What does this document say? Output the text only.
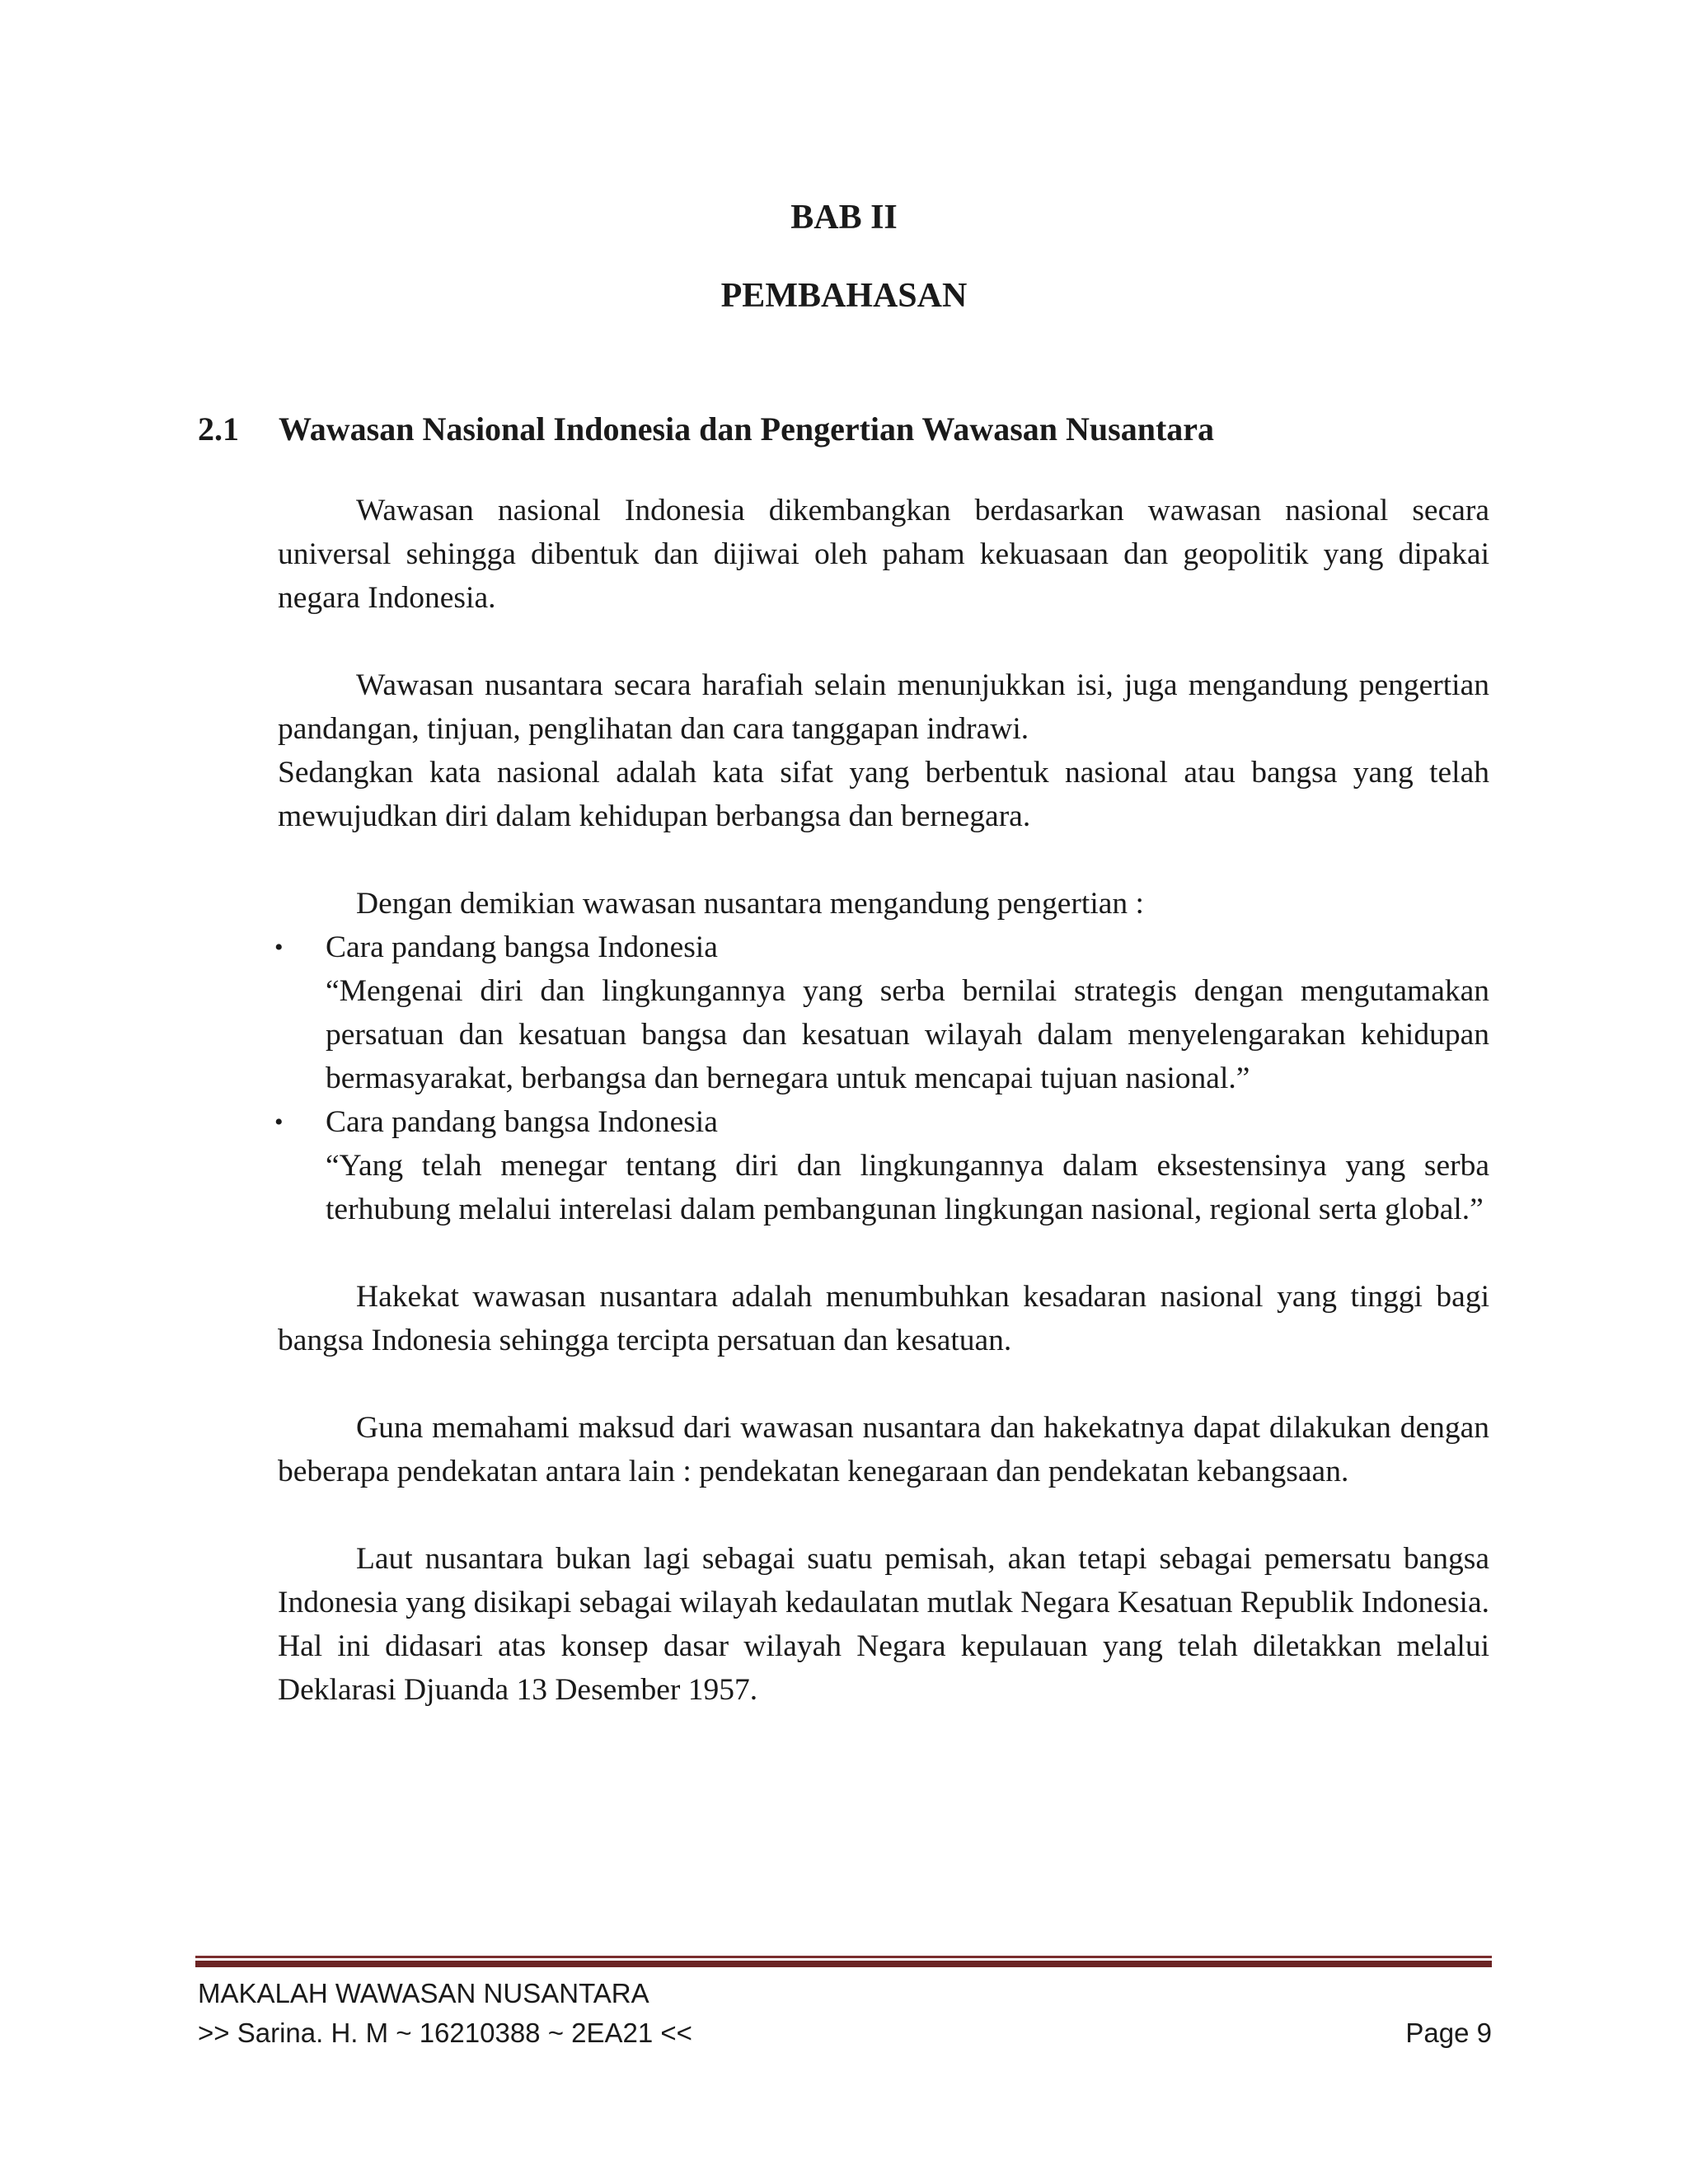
BAB II
PEMBAHASAN
2.1 Wawasan Nasional Indonesia dan Pengertian Wawasan Nusantara

Wawasan nasional Indonesia dikembangkan berdasarkan wawasan nasional secara universal sehingga dibentuk dan dijiwai oleh paham kekuasaan dan geopolitik yang dipakai negara Indonesia.

Wawasan nusantara secara harafiah selain menunjukkan isi, juga mengandung pengertian pandangan, tinjuan, penglihatan dan cara tanggapan indrawi.

Sedangkan kata nasional adalah kata sifat yang berbentuk nasional atau bangsa yang telah mewujudkan diri dalam kehidupan berbangsa dan bernegara.

Dengan demikian wawasan nusantara mengandung pengertian :

• Cara pandang bangsa Indonesia
“Mengenai diri dan lingkungannya yang serba bernilai strategis dengan mengutamakan persatuan dan kesatuan bangsa dan kesatuan wilayah dalam menyelengarakan kehidupan bermasyarakat, berbangsa dan bernegara untuk mencapai tujuan nasional.”
• Cara pandang bangsa Indonesia
“Yang telah menegar tentang diri dan lingkungannya dalam eksestensinya yang serba terhubung melalui interelasi dalam pembangunan lingkungan nasional, regional serta global.”

Hakekat wawasan nusantara adalah menumbuhkan kesadaran nasional yang tinggi bagi bangsa Indonesia sehingga tercipta persatuan dan kesatuan.

Guna memahami maksud dari wawasan nusantara dan hakekatnya dapat dilakukan dengan beberapa pendekatan antara lain : pendekatan kenegaraan dan pendekatan kebangsaan.

Laut nusantara bukan lagi sebagai suatu pemisah, akan tetapi sebagai pemersatu bangsa Indonesia yang disikapi sebagai wilayah kedaulatan mutlak Negara Kesatuan Republik Indonesia. Hal ini didasari atas konsep dasar wilayah Negara kepulauan yang telah diletakkan melalui Deklarasi Djuanda 13 Desember 1957.

MAKALAH WAWASAN NUSANTARA
>> Sarina. H. M ~ 16210388 ~ 2EA21 <<	Page 9
